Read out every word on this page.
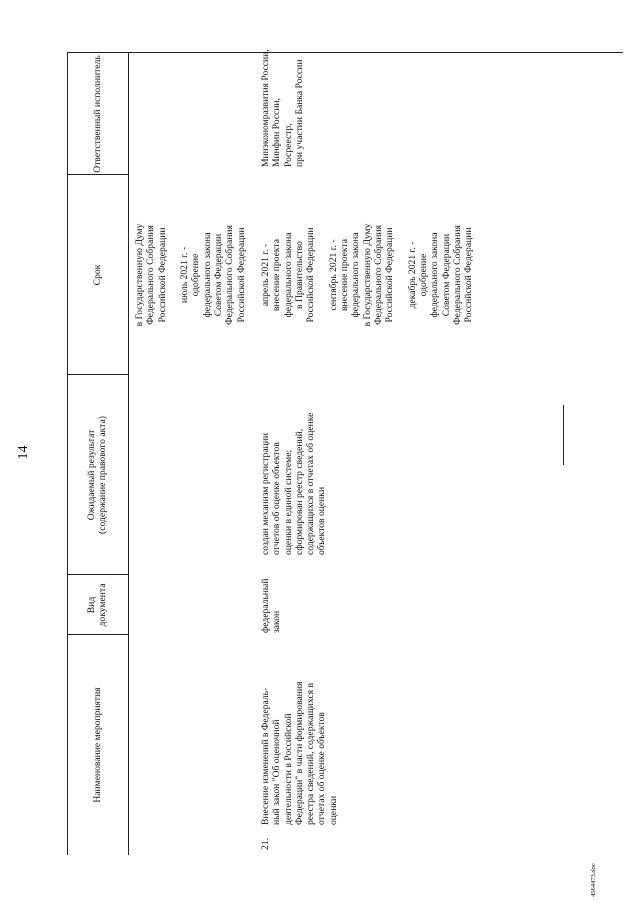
14
Наименование мероприятия
Вид документа
Ожидаемый результат (содержание правового акта)
Срок
Ответственный исполнитель
в Государственную Думу Федерального Собрания Российской Федерации
июль 2021 г. - одобрение федерального закона Советом Федерации Федерального Собрания Российской Федерации
21.
Внесение изменений в Федераль- ный закон "Об оценочной деятельности в Российской Федерации" в части формирования реестра сведений, содержащихся в отчетах об оценке объектов оценки
федеральный закон
создан механизм регистрации отчетов об оценке объектов оценки в единой системе; сформирован реестр сведений, содержащихся в отчетах об оценке объектов оценки
апрель 2021 г. - внесение проекта федерального закона в Правительство Российской Федерации
сентябрь 2021 г. - внесение проекта федерального закона в Государственную Думу Федерального Собрания Российской Федерации
декабрь 2021 г. - одобрение федерального закона Советом Федерации Федерального Собрания Российской Федерации
Минэкономразвития России, Минфин России, Росреестр, при участии Банка России
4564473.doc
